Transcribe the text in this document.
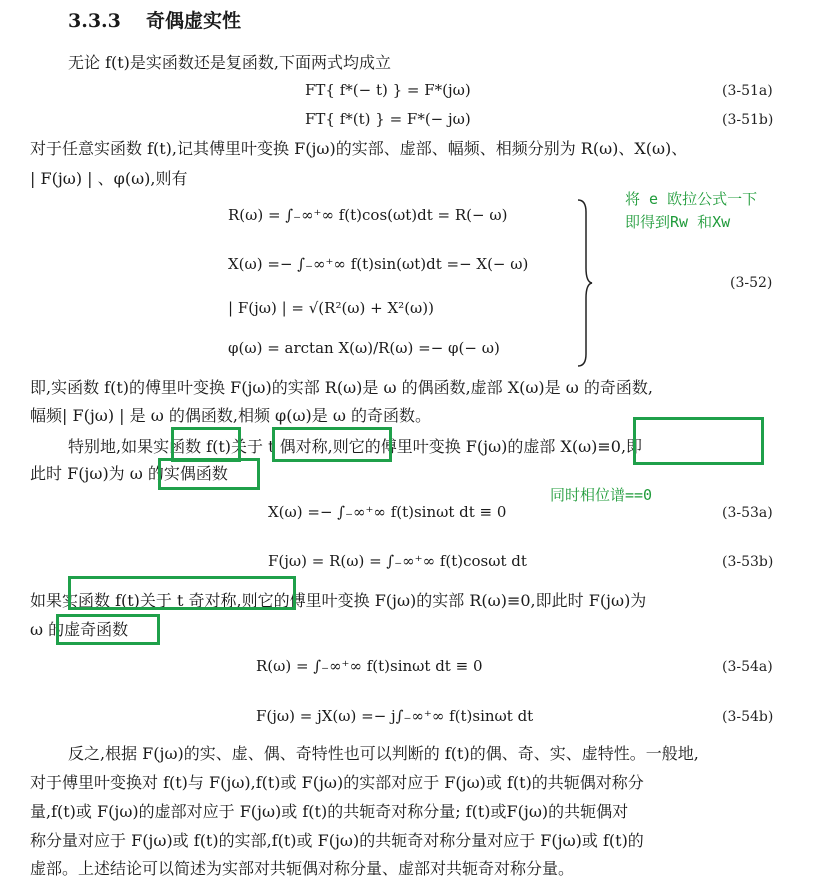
3.3.3 奇偶虚实性
无论 f(t)是实函数还是复函数,下面两式均成立
FT{ f*(− t) } = F*(jω)	(3-51a)
FT{ f*(t) } = F*(− jω)	(3-51b)
对于任意实函数 f(t),记其傅里叶变换 F(jω)的实部、虚部、幅频、相频分别为 R(ω)、X(ω)、
| F(jω) | 、φ(ω),则有
R(ω) = ∫₋∞⁺∞ f(t)cos(ωt)dt = R(− ω)
X(ω) =− ∫₋∞⁺∞ f(t)sin(ωt)dt =− X(− ω)
| F(jω) | = √(R²(ω) + X²(ω))
φ(ω) = arctan X(ω)/R(ω) =− φ(− ω)
(3-52)
将 e 欧拉公式一下
即得到Rw 和Xw
即,实函数 f(t)的傅里叶变换 F(jω)的实部 R(ω)是 ω 的偶函数,虚部 X(ω)是 ω 的奇函数,
幅频| F(jω) | 是 ω 的偶函数,相频 φ(ω)是 ω 的奇函数。
特别地,如果实函数 f(t)关于 t 偶对称,则它的傅里叶变换 F(jω)的虚部 X(ω)≡0,即
此时 F(jω)为 ω 的实偶函数
同时相位谱==0
X(ω) =− ∫₋∞⁺∞ f(t)sinωt dt ≡ 0	(3-53a)
F(jω) = R(ω) = ∫₋∞⁺∞ f(t)cosωt dt	(3-53b)
如果实函数 f(t)关于 t 奇对称,则它的傅里叶变换 F(jω)的实部 R(ω)≡0,即此时 F(jω)为
ω 的虚奇函数
R(ω) = ∫₋∞⁺∞ f(t)sinωt dt ≡ 0	(3-54a)
F(jω) = jX(ω) =− j∫₋∞⁺∞ f(t)sinωt dt	(3-54b)
反之,根据 F(jω)的实、虚、偶、奇特性也可以判断的 f(t)的偶、奇、实、虚特性。一般地,
对于傅里叶变换对 f(t)与 F(jω),f(t)或 F(jω)的实部对应于 F(jω)或 f(t)的共轭偶对称分
量,f(t)或 F(jω)的虚部对应于 F(jω)或 f(t)的共轭奇对称分量; f(t)或F(jω)的共轭偶对
称分量对应于 F(jω)或 f(t)的实部,f(t)或 F(jω)的共轭奇对称分量对应于 F(jω)或 f(t)的
虚部。上述结论可以简述为实部对共轭偶对称分量、虚部对共轭奇对称分量。
